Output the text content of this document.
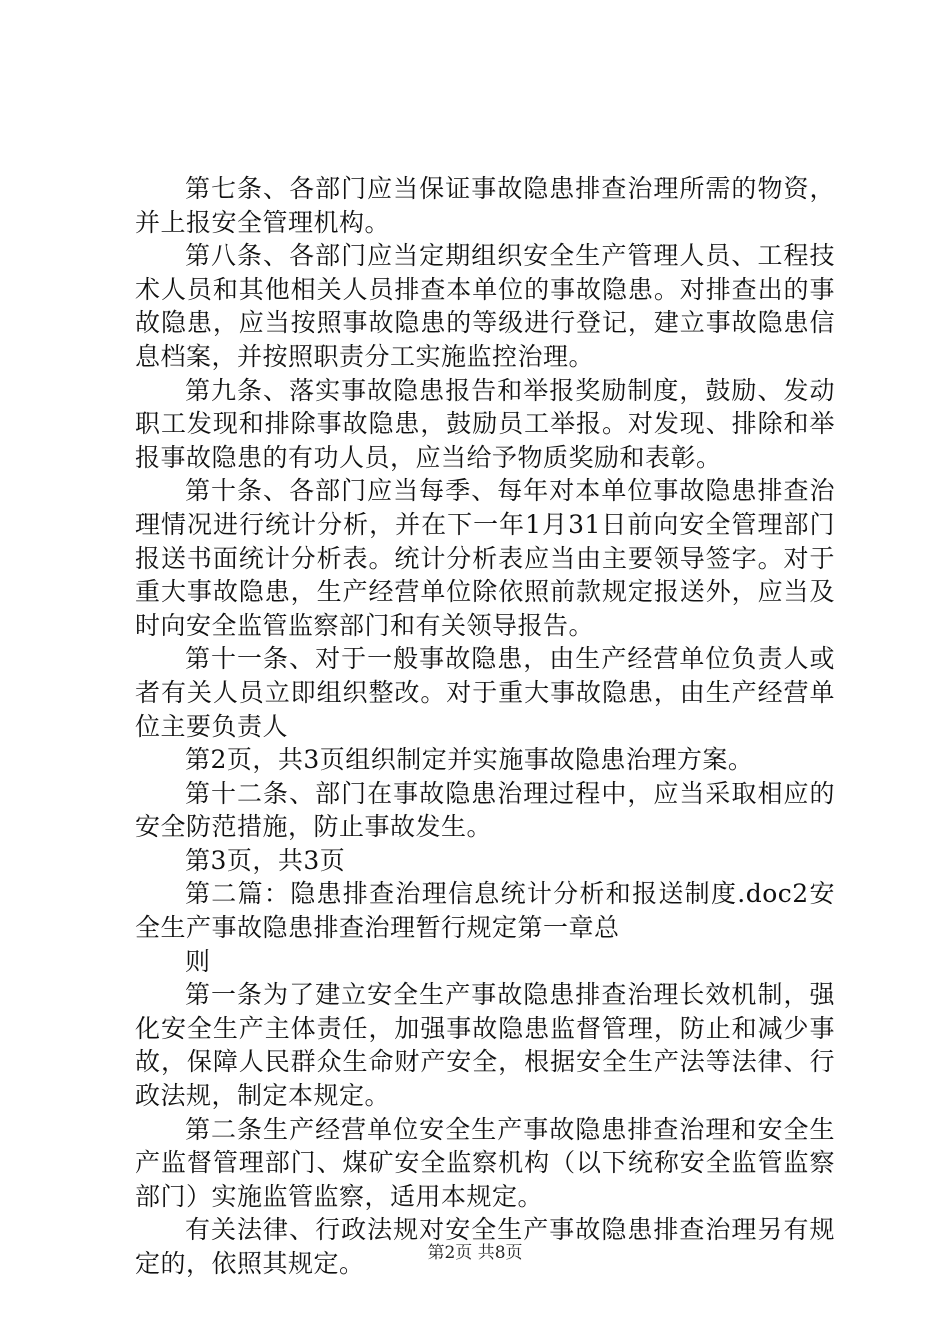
第七条、各部门应当保证事故隐患排查治理所需的物资，并上报安全管理机构。

第八条、各部门应当定期组织安全生产管理人员、工程技术人员和其他相关人员排查本单位的事故隐患。对排查出的事故隐患，应当按照事故隐患的等级进行登记，建立事故隐患信息档案，并按照职责分工实施监控治理。

第九条、落实事故隐患报告和举报奖励制度，鼓励、发动职工发现和排除事故隐患，鼓励员工举报。对发现、排除和举报事故隐患的有功人员，应当给予物质奖励和表彰。

第十条、各部门应当每季、每年对本单位事故隐患排查治理情况进行统计分析，并在下一年1月31日前向安全管理部门报送书面统计分析表。统计分析表应当由主要领导签字。对于重大事故隐患，生产经营单位除依照前款规定报送外，应当及时向安全监管监察部门和有关领导报告。

第十一条、对于一般事故隐患，由生产经营单位负责人或者有关人员立即组织整改。对于重大事故隐患，由生产经营单位主要负责人

第2页，共3页组织制定并实施事故隐患治理方案。

第十二条、部门在事故隐患治理过程中，应当采取相应的安全防范措施，防止事故发生。

第3页，共3页

第二篇：隐患排查治理信息统计分析和报送制度.doc2安全生产事故隐患排查治理暂行规定第一章总

则

第一条为了建立安全生产事故隐患排查治理长效机制，强化安全生产主体责任，加强事故隐患监督管理，防止和减少事故，保障人民群众生命财产安全，根据安全生产法等法律、行政法规，制定本规定。

第二条生产经营单位安全生产事故隐患排查治理和安全生产监督管理部门、煤矿安全监察机构（以下统称安全监管监察部门）实施监管监察，适用本规定。

有关法律、行政法规对安全生产事故隐患排查治理另有规定的，依照其规定。	第2页 共8页
